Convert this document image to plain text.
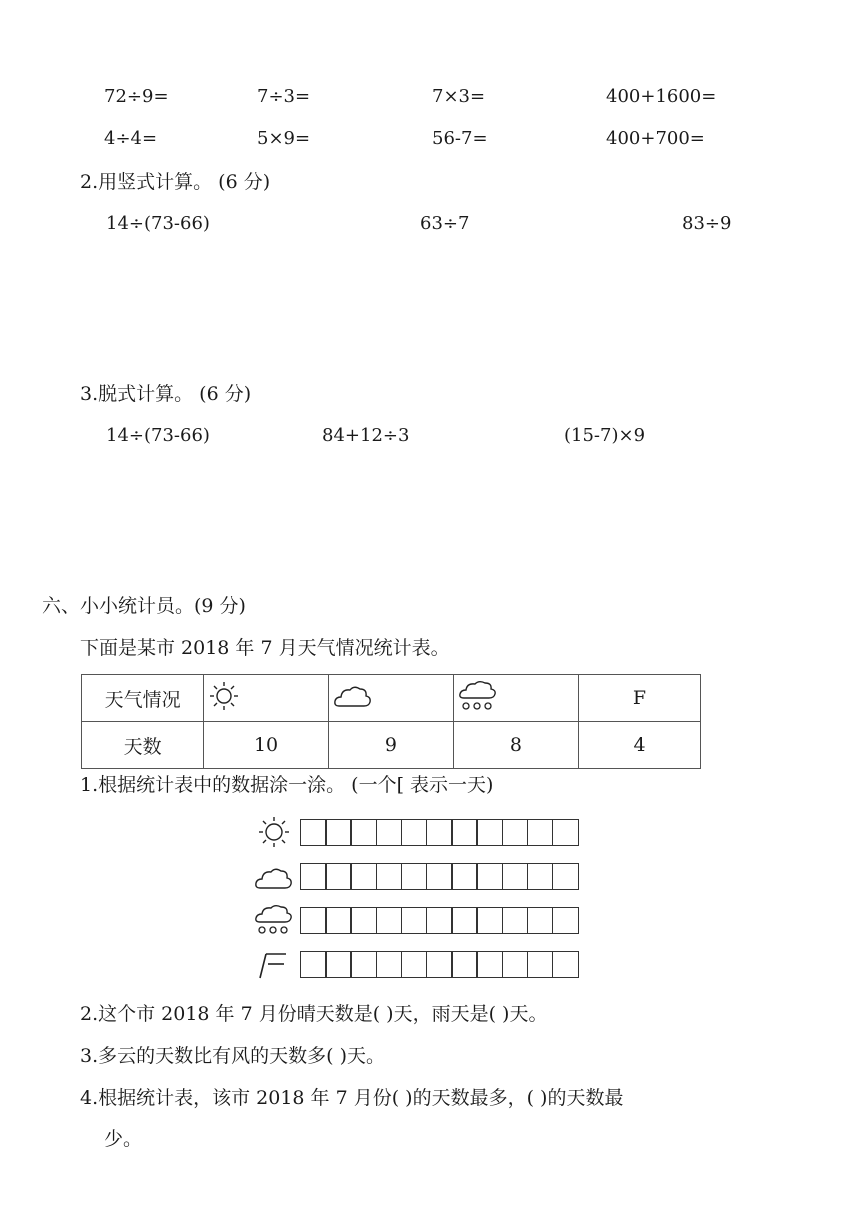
72÷9=	7÷3=	7×3=	400+1600=
4÷4=	5×9=	56-7=	400+700=
2.用竖式计算。 (6 分)
14÷(73-66)	63÷7	83÷9
3.脱式计算。 (6 分)
14÷(73-66)	84+12÷3	(15-7)×9
六、小小统计员。(9 分)
下面是某市 2018 年 7 月天气情况统计表。
天气情况				F
天数	10	9	8	4
1.根据统计表中的数据涂一涂。 (一个[ 表示一天)
2.这个市 2018 年 7 月份晴天数是( )天，雨天是( )天。
3.多云的天数比有风的天数多( )天。
4.根据统计表，该市 2018 年 7 月份( )的天数最多，( )的天数最
少。
